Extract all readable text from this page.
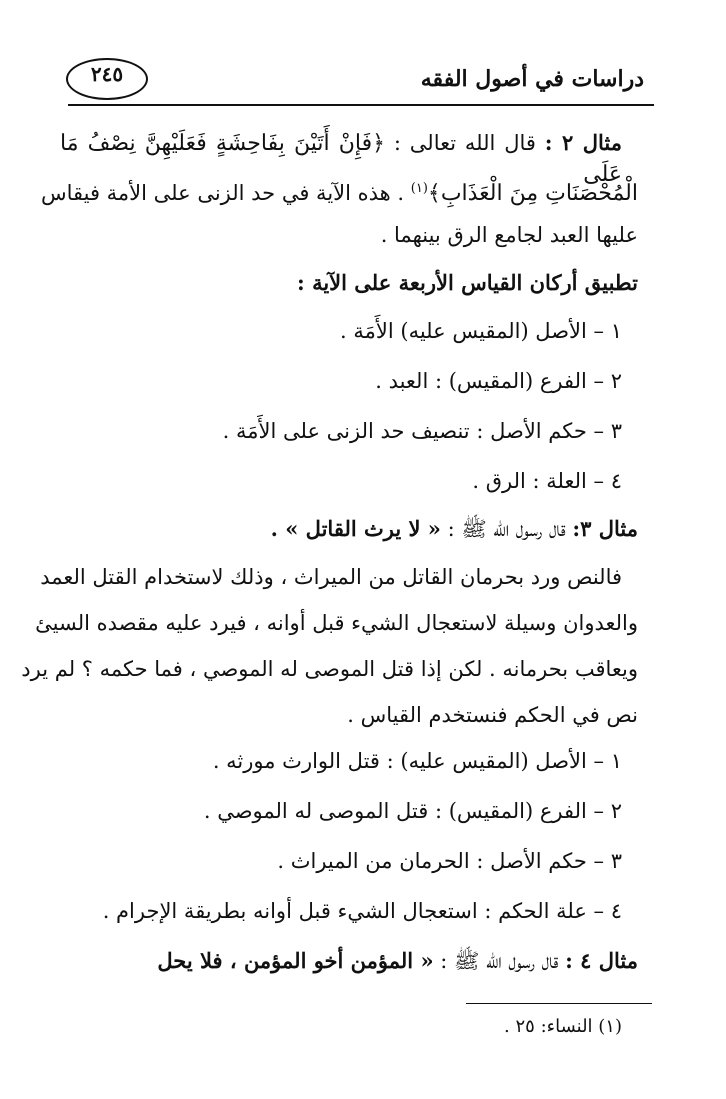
دراسات في أصول الفقه
٢٤٥
مثال ٢ : قال الله تعالى : ﴿فَإِنْ أَتَيْنَ بِفَاحِشَةٍ فَعَلَيْهِنَّ نِصْفُ مَا عَلَى
الْمُحْصَنَاتِ مِنَ الْعَذَابِ﴾$^{(١)}$ . هذه الآية في حد الزنى على الأمة فيقاس
عليها العبد لجامع الرق بينهما .
تطبيق أركان القياس الأربعة على الآية :
١ – الأصل (المقيس عليه) الأَمَة .
٢ – الفرع (المقيس) : العبد .
٣ – حكم الأصل : تنصيف حد الزنى على الأَمَة .
٤ – العلة : الرق .
مثال ٣: قال رسول الله ﷺ : « لا يرث القاتل » .
فالنص ورد بحرمان القاتل من الميراث ، وذلك لاستخدام القتل العمد
والعدوان وسيلة لاستعجال الشيء قبل أوانه ، فيرد عليه مقصده السيئ
ويعاقب بحرمانه . لكن إذا قتل الموصى له الموصي ، فما حكمه ؟ لم يرد
نص في الحكم فنستخدم القياس .
١ – الأصل (المقيس عليه) : قتل الوارث مورثه .
٢ – الفرع (المقيس) : قتل الموصى له الموصي .
٣ – حكم الأصل : الحرمان من الميراث .
٤ – علة الحكم : استعجال الشيء قبل أوانه بطريقة الإجرام .
مثال ٤ : قال رسول الله ﷺ : « المؤمن أخو المؤمن ، فلا يحل
(١) النساء: ٢٥ .
